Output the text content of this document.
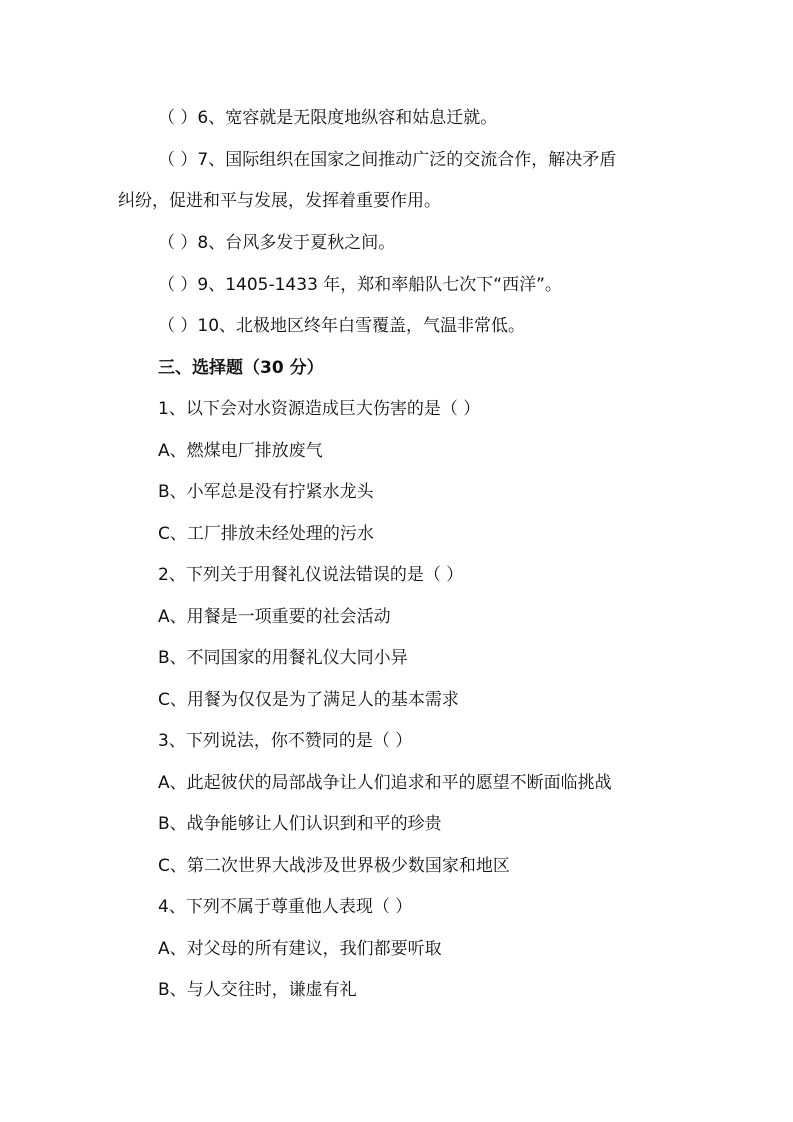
（ ）6、宽容就是无限度地纵容和姑息迁就。
（ ）7、国际组织在国家之间推动广泛的交流合作，解决矛盾
纠纷，促进和平与发展，发挥着重要作用。
（ ）8、台风多发于夏秋之间。
（ ）9、1405-1433 年，郑和率船队七次下“西洋”。
（ ）10、北极地区终年白雪覆盖，气温非常低。
三、选择题（30 分）
1、以下会对水资源造成巨大伤害的是（ ）
A、燃煤电厂排放废气
B、小军总是没有拧紧水龙头
C、工厂排放未经处理的污水
2、下列关于用餐礼仪说法错误的是（ ）
A、用餐是一项重要的社会活动
B、不同国家的用餐礼仪大同小异
C、用餐为仅仅是为了满足人的基本需求
3、下列说法，你不赞同的是（ ）
A、此起彼伏的局部战争让人们追求和平的愿望不断面临挑战
B、战争能够让人们认识到和平的珍贵
C、第二次世界大战涉及世界极少数国家和地区
4、下列不属于尊重他人表现（ ）
A、对父母的所有建议，我们都要听取
B、与人交往时，谦虚有礼
